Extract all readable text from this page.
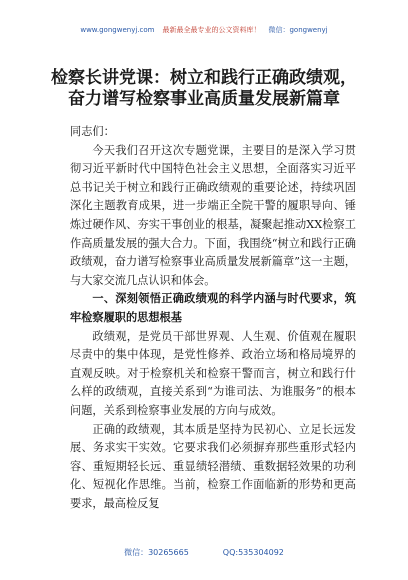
www.gongwenyj.com 最新最全最专业的公文资料库！ 微信：gongwenyj
检察长讲党课：树立和践行正确政绩观，
奋力谱写检察事业高质量发展新篇章

同志们：

今天我们召开这次专题党课，主要目的是深入学习贯彻习近平新时代中国特色社会主义思想，全面落实习近平总书记关于树立和践行正确政绩观的重要论述，持续巩固深化主题教育成果，进一步端正全院干警的履职导向、锤炼过硬作风、夯实干事创业的根基，凝聚起推动XX检察工作高质量发展的强大合力。下面，我围绕“树立和践行正确政绩观，奋力谱写检察事业高质量发展新篇章”这一主题，与大家交流几点认识和体会。

一、深刻领悟正确政绩观的科学内涵与时代要求，筑牢检察履职的思想根基

政绩观，是党员干部世界观、人生观、价值观在履职尽责中的集中体现，是党性修养、政治立场和格局境界的直观反映。对于检察机关和检察干警而言，树立和践行什么样的政绩观，直接关系到“为谁司法、为谁服务”的根本问题，关系到检察事业发展的方向与成效。

正确的政绩观，其本质是坚持为民初心、立足长远发展、务求实干实效。它要求我们必须摒弃那些重形式轻内容、重短期轻长远、重显绩轻潜绩、重数据轻效果的功利化、短视化作思维。当前，检察工作面临新的形势和更高要求，最高检反复

微信：30265665	QQ:535304092
